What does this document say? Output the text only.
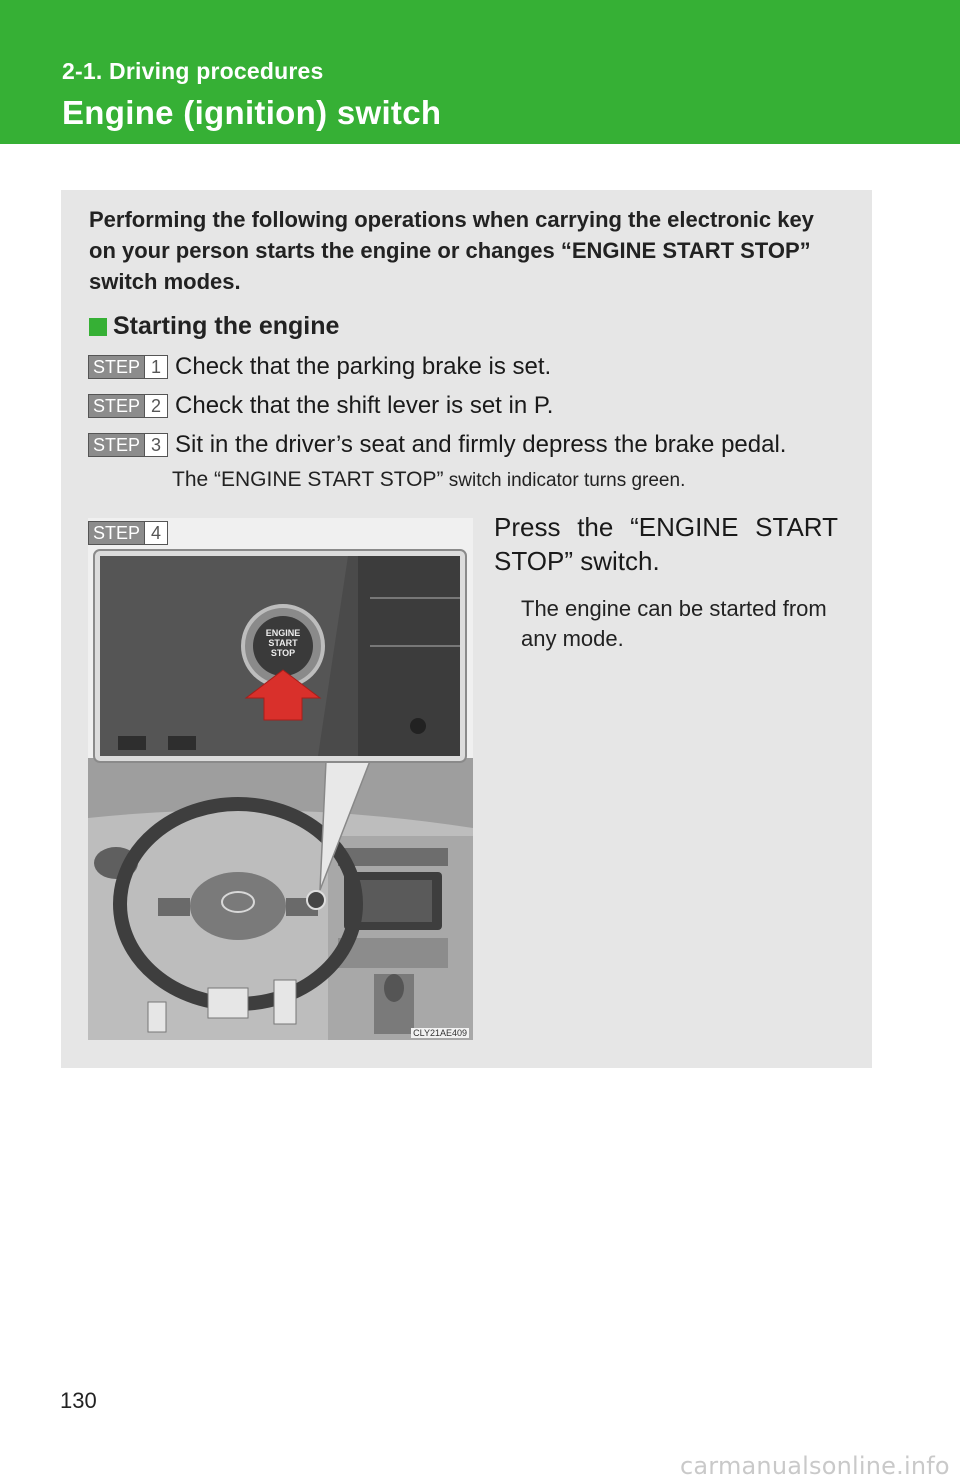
2-1. Driving procedures
Engine (ignition) switch
Performing the following operations when carrying the electronic key on your person starts the engine or changes “ENGINE START STOP” switch modes.
Starting the engine
STEP 1 Check that the parking brake is set.
STEP 2 Check that the shift lever is set in P.
STEP 3 Sit in the driver’s seat and firmly depress the brake pedal.
The “ENGINE START STOP” switch indicator turns green.
ENGINE
START
STOP
CLY21AE409
STEP 4	Press the “ENGINE START STOP” switch.
The engine can be started from any mode.
130
carmanualsonline.info
